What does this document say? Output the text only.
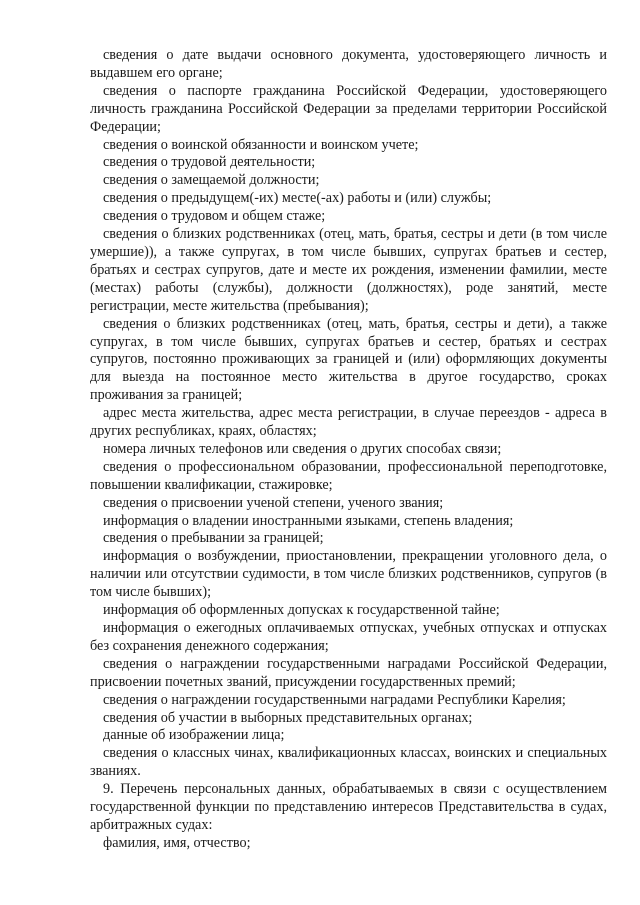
сведения о дате выдачи основного документа, удостоверяющего личность и выдавшем его органе;

сведения о паспорте гражданина Российской Федерации, удостоверяющего личность гражданина Российской Федерации за пределами территории Российской Федерации;

сведения о воинской обязанности и воинском учете;

сведения о трудовой деятельности;

сведения о замещаемой должности;

сведения о предыдущем(-их) месте(-ах) работы и (или) службы;

сведения о трудовом и общем стаже;

сведения о близких родственниках (отец, мать, братья, сестры и дети (в том числе умершие)), а также супругах, в том числе бывших, супругах братьев и сестер, братьях и сестрах супругов, дате и месте их рождения, изменении фамилии, месте (местах) работы (службы), должности (должностях), роде занятий, месте регистрации, месте жительства (пребывания);

сведения о близких родственниках (отец, мать, братья, сестры и дети), а также супругах, в том числе бывших, супругах братьев и сестер, братьях и сестрах супругов, постоянно проживающих за границей и (или) оформляющих документы для выезда на постоянное место жительства в другое государство, сроках проживания за границей;

адрес места жительства, адрес места регистрации, в случае переездов - адреса в других республиках, краях, областях;

номера личных телефонов или сведения о других способах связи;

сведения о профессиональном образовании, профессиональной переподготовке, повышении квалификации, стажировке;

сведения о присвоении ученой степени, ученого звания;

информация о владении иностранными языками, степень владения;

сведения о пребывании за границей;

информация о возбуждении, приостановлении, прекращении уголовного дела, о наличии или отсутствии судимости, в том числе близких родственников, супругов (в том числе бывших);

информация об оформленных допусках к государственной тайне;

информация о ежегодных оплачиваемых отпусках, учебных отпусках и отпусках без сохранения денежного содержания;

сведения о награждении государственными наградами Российской Федерации, присвоении почетных званий, присуждении государственных премий;

сведения о награждении государственными наградами Республики Карелия;

сведения об участии в выборных представительных органах;

данные об изображении лица;

сведения о классных чинах, квалификационных классах, воинских и специальных званиях.

9. Перечень персональных данных, обрабатываемых в связи с осуществлением государственной функции по представлению интересов Представительства в судах, арбитражных судах:

фамилия, имя, отчество;
